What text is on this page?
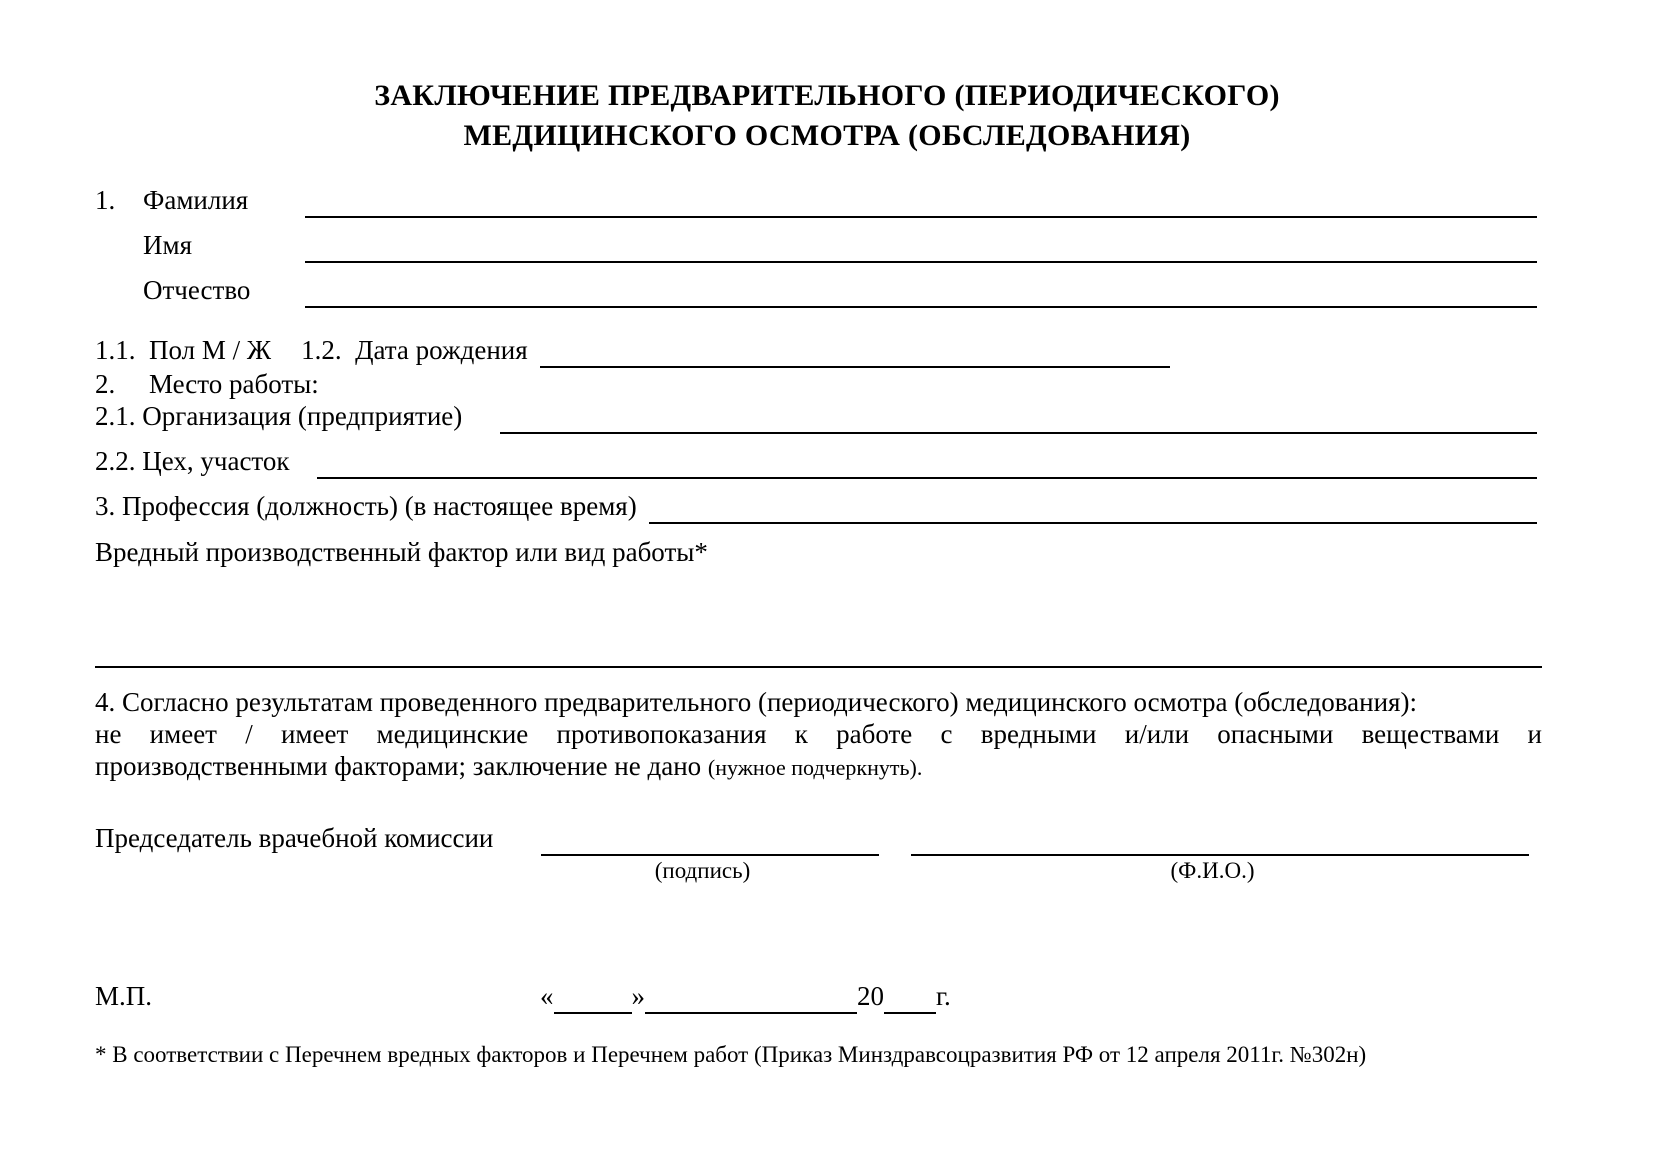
ЗАКЛЮЧЕНИЕ ПРЕДВАРИТЕЛЬНОГО (ПЕРИОДИЧЕСКОГО)
МЕДИЦИНСКОГО ОСМОТРА (ОБСЛЕДОВАНИЯ)
1.	Фамилия
Имя
Отчество
1.1.  Пол М / Ж 1.2.  Дата рождения
2.     Место работы:
2.1. Организация (предприятие)
2.2. Цех, участок
3. Профессия (должность) (в настоящее время)
Вредный производственный фактор или вид работы*
4. Согласно результатам проведенного предварительного (периодического) медицинского осмотра (обследования):
не имеет / имеет медицинские противопоказания к работе с вредными и/или опасными веществами и
производственными факторами; заключение не дано (нужное подчеркнуть).
Председатель врачебной комиссии
(подпись)	(Ф.И.О.)
М.П.	«	»	20 г.
* В соответствии с Перечнем вредных факторов и Перечнем работ (Приказ Минздравсоцразвития РФ от 12 апреля 2011г. №302н)
